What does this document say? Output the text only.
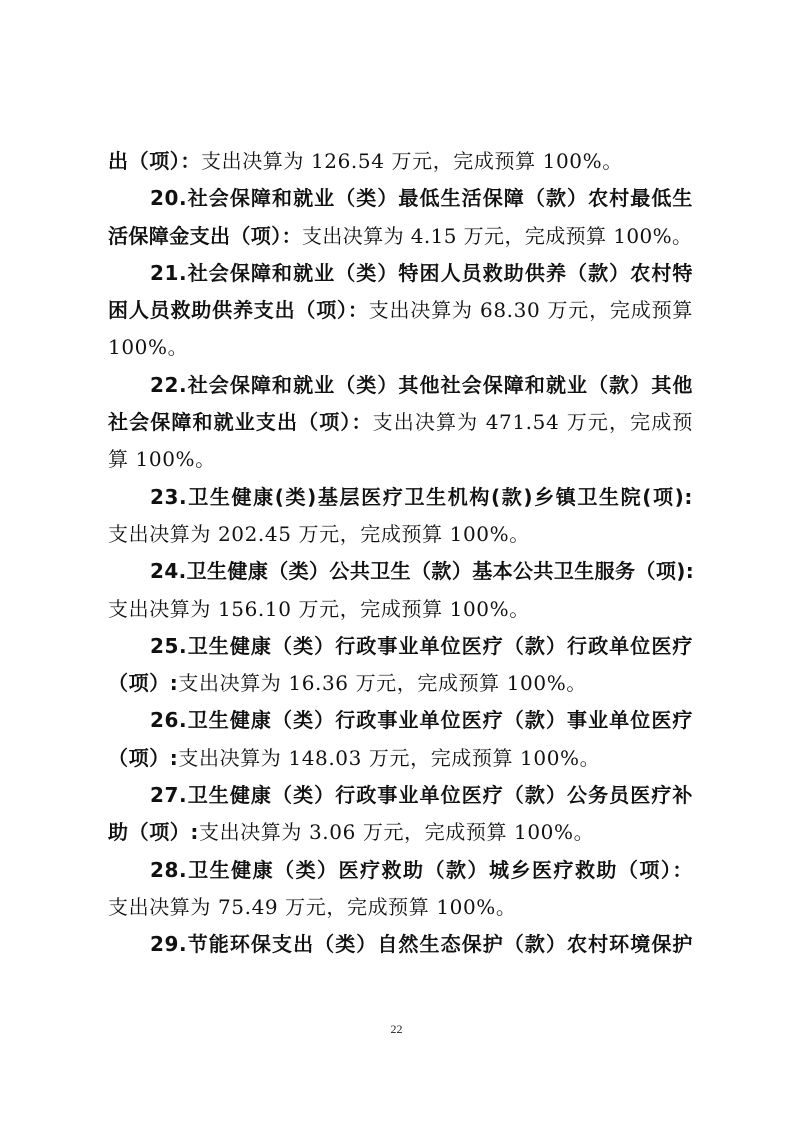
出（项）：支出决算为 126.54 万元，完成预算 100%。
20.社会保障和就业（类）最低生活保障（款）农村最低生
活保障金支出（项）：支出决算为 4.15 万元，完成预算 100%。
21.社会保障和就业（类）特困人员救助供养（款）农村特
困人员救助供养支出（项）：支出决算为 68.30 万元，完成预算
100%。
22.社会保障和就业（类）其他社会保障和就业（款）其他
社会保障和就业支出（项）：支出决算为 471.54 万元，完成预
算 100%。
23.卫生健康(类)基层医疗卫生机构(款)乡镇卫生院(项):
支出决算为 202.45 万元，完成预算 100%。
24.卫生健康（类）公共卫生（款）基本公共卫生服务（项):
支出决算为 156.10 万元，完成预算 100%。
25.卫生健康（类）行政事业单位医疗（款）行政单位医疗
（项）:支出决算为 16.36 万元，完成预算 100%。
26.卫生健康（类）行政事业单位医疗（款）事业单位医疗
（项）:支出决算为 148.03 万元，完成预算 100%。
27.卫生健康（类）行政事业单位医疗（款）公务员医疗补
助（项）:支出决算为 3.06 万元，完成预算 100%。
28.卫生健康（类）医疗救助（款）城乡医疗救助（项）：
支出决算为 75.49 万元，完成预算 100%。
29.节能环保支出（类）自然生态保护（款）农村环境保护
22
